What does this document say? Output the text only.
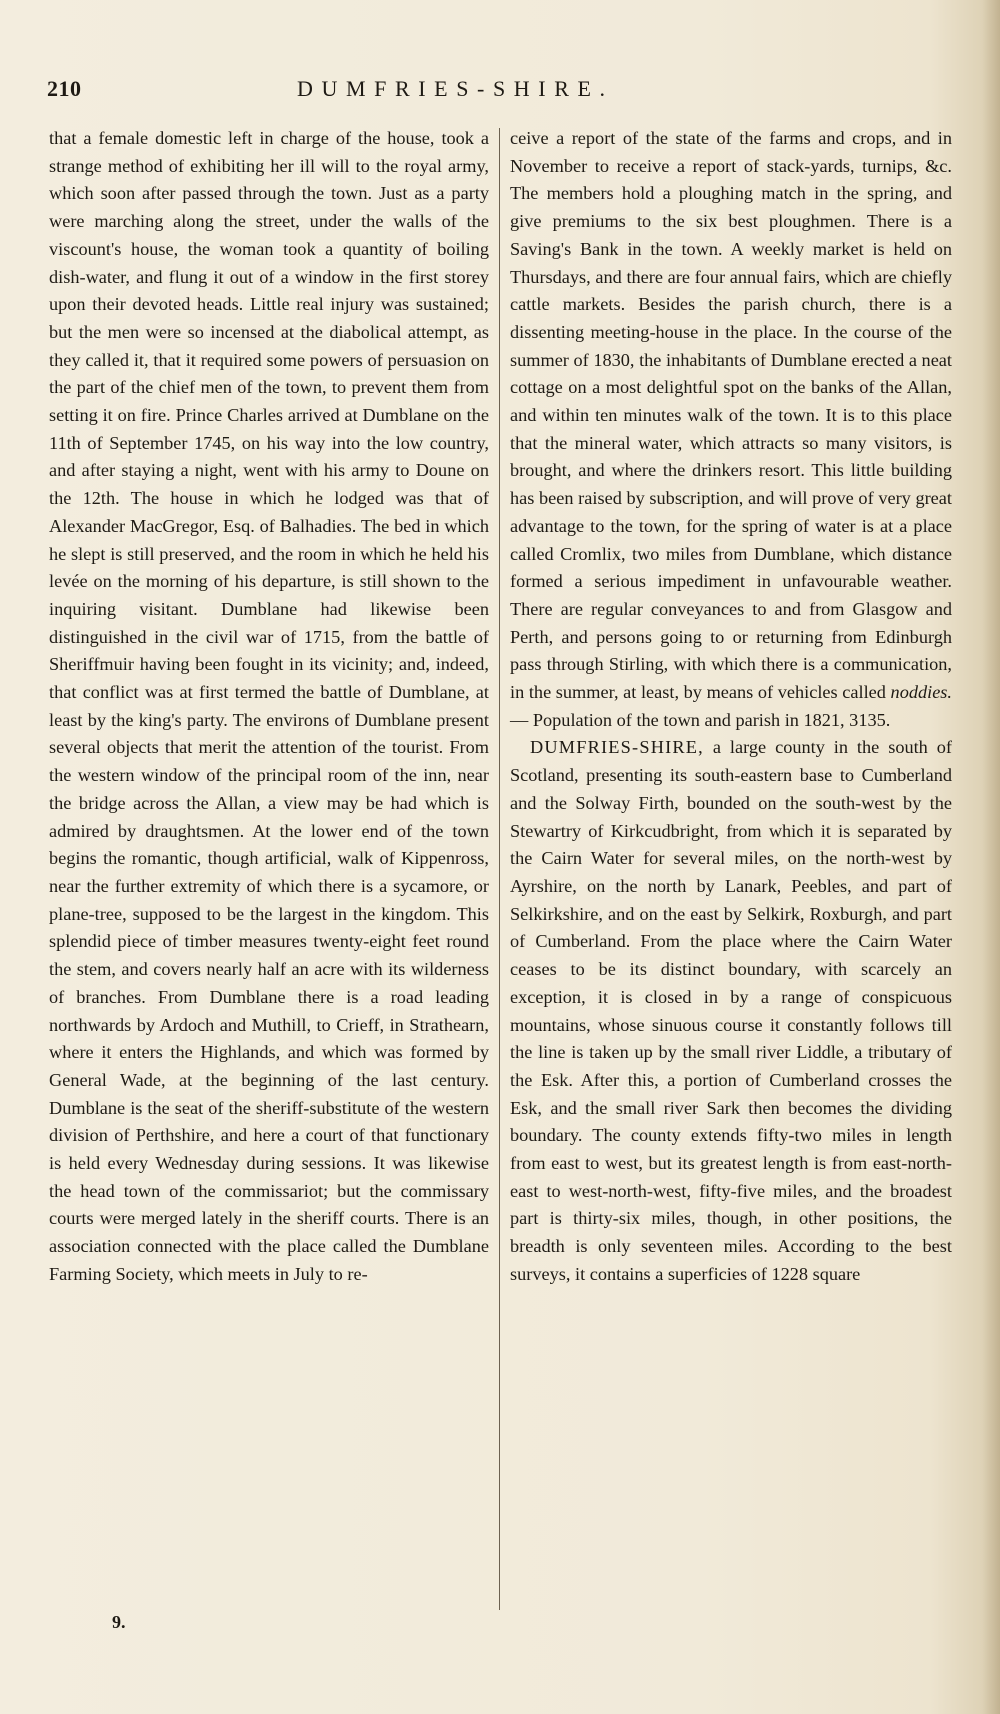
210	DUMFRIES-SHIRE.

that a female domestic left in charge of the house, took a strange method of exhibiting her ill will to the royal army, which soon after passed through the town. Just as a party were marching along the street, under the walls of the viscount's house, the woman took a quantity of boiling dish-water, and flung it out of a window in the first storey upon their devoted heads. Little real injury was sustained; but the men were so incensed at the diabolical attempt, as they called it, that it required some powers of persuasion on the part of the chief men of the town, to prevent them from setting it on fire. Prince Charles arrived at Dumblane on the 11th of September 1745, on his way into the low country, and after staying a night, went with his army to Doune on the 12th. The house in which he lodged was that of Alexander MacGregor, Esq. of Balhadies. The bed in which he slept is still preserved, and the room in which he held his levée on the morning of his departure, is still shown to the inquiring visitant. Dumblane had likewise been distinguished in the civil war of 1715, from the battle of Sheriffmuir having been fought in its vicinity; and, indeed, that conflict was at first termed the battle of Dumblane, at least by the king's party. The environs of Dumblane present several objects that merit the attention of the tourist. From the western window of the principal room of the inn, near the bridge across the Allan, a view may be had which is admired by draughtsmen. At the lower end of the town begins the romantic, though artificial, walk of Kippenross, near the further extremity of which there is a sycamore, or plane-tree, supposed to be the largest in the kingdom. This splendid piece of timber measures twenty-eight feet round the stem, and covers nearly half an acre with its wilderness of branches. From Dumblane there is a road leading northwards by Ardoch and Muthill, to Crieff, in Strathearn, where it enters the Highlands, and which was formed by General Wade, at the beginning of the last century. Dumblane is the seat of the sheriff-substitute of the western division of Perthshire, and here a court of that functionary is held every Wednesday during sessions. It was likewise the head town of the commissariot; but the commissary courts were merged lately in the sheriff courts. There is an association connected with the place called the Dumblane Farming Society, which meets in July to re-

ceive a report of the state of the farms and crops, and in November to receive a report of stack-yards, turnips, &c. The members hold a ploughing match in the spring, and give premiums to the six best ploughmen. There is a Saving's Bank in the town. A weekly market is held on Thursdays, and there are four annual fairs, which are chiefly cattle markets. Besides the parish church, there is a dissenting meeting-house in the place. In the course of the summer of 1830, the inhabitants of Dumblane erected a neat cottage on a most delightful spot on the banks of the Allan, and within ten minutes walk of the town. It is to this place that the mineral water, which attracts so many visitors, is brought, and where the drinkers resort. This little building has been raised by subscription, and will prove of very great advantage to the town, for the spring of water is at a place called Cromlix, two miles from Dumblane, which distance formed a serious impediment in unfavourable weather. There are regular conveyances to and from Glasgow and Perth, and persons going to or returning from Edinburgh pass through Stirling, with which there is a communication, in the summer, at least, by means of vehicles called noddies.— Population of the town and parish in 1821, 3135.

DUMFRIES-SHIRE, a large county in the south of Scotland, presenting its south-eastern base to Cumberland and the Solway Firth, bounded on the south-west by the Stewartry of Kirkcudbright, from which it is separated by the Cairn Water for several miles, on the north-west by Ayrshire, on the north by Lanark, Peebles, and part of Selkirkshire, and on the east by Selkirk, Roxburgh, and part of Cumberland. From the place where the Cairn Water ceases to be its distinct boundary, with scarcely an exception, it is closed in by a range of conspicuous mountains, whose sinuous course it constantly follows till the line is taken up by the small river Liddle, a tributary of the Esk. After this, a portion of Cumberland crosses the Esk, and the small river Sark then becomes the dividing boundary. The county extends fifty-two miles in length from east to west, but its greatest length is from east-north-east to west-north-west, fifty-five miles, and the broadest part is thirty-six miles, though, in other positions, the breadth is only seventeen miles. According to the best surveys, it contains a superficies of 1228 square

9.
